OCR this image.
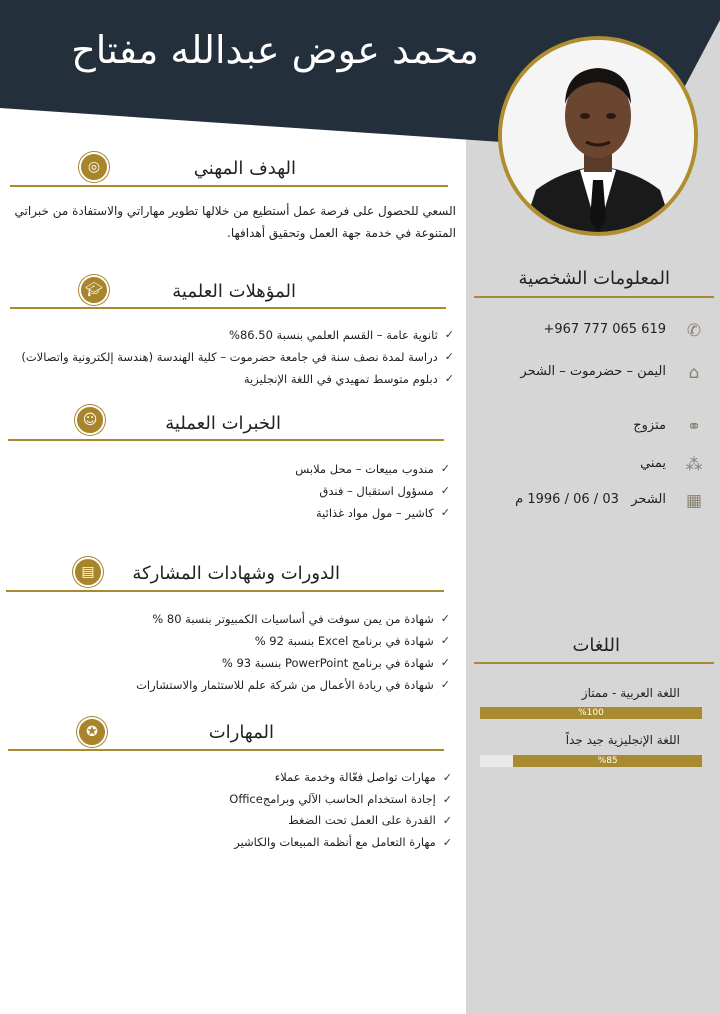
محمد عوض عبدالله مفتاح
◎	الهدف المهني
السعي للحصول على فرصة عمل أستطيع من خلالها تطوير مهاراتي والاستفادة من خبراتي المتنوعة في خدمة جهة العمل وتحقيق أهدافها.
🎓︎	المؤهلات العلمية
✓
ثانوية عامة – القسم العلمي بنسبة 86.50%
✓
دراسة لمدة نصف سنة في جامعة حضرموت – كلية الهندسة (هندسة إلكترونية واتصالات)
✓
دبلوم متوسط تمهيدي في اللغة الإنجليزية
☺	الخبرات العملية
✓
مندوب مبيعات – محل ملابس
✓
مسؤول استقبال – فندق
✓
كاشير – مول مواد غذائية
▤	الدورات وشهادات المشاركة
✓
شهادة من يمن سوفت في أساسيات الكمبيوتر بنسبة 80 %
✓
شهادة في برنامج Excel بنسبة 92 %
✓
شهادة في برنامج PowerPoint بنسبة 93 %
✓
شهادة في ريادة الأعمال من شركة علم للاستثمار والاستشارات
✪	المهارات
✓
مهارات تواصل فعّالة وخدمة عملاء
✓
إجادة استخدام الحاسب الآلي وبرامجOffice
✓
القدرة على العمل تحت الضغط
✓
مهارة التعامل مع أنظمة المبيعات والكاشير
المعلومات الشخصية
✆
+967 777 065 619
⌂
اليمن – حضرموت – الشحر
⚭
متزوج
⁂
يمني
▦
الشحر   03 / 06 / 1996 م
اللغات
اللغة العربية - ممتاز
%100
اللغة الإنجليزية جيد جداً
%85
